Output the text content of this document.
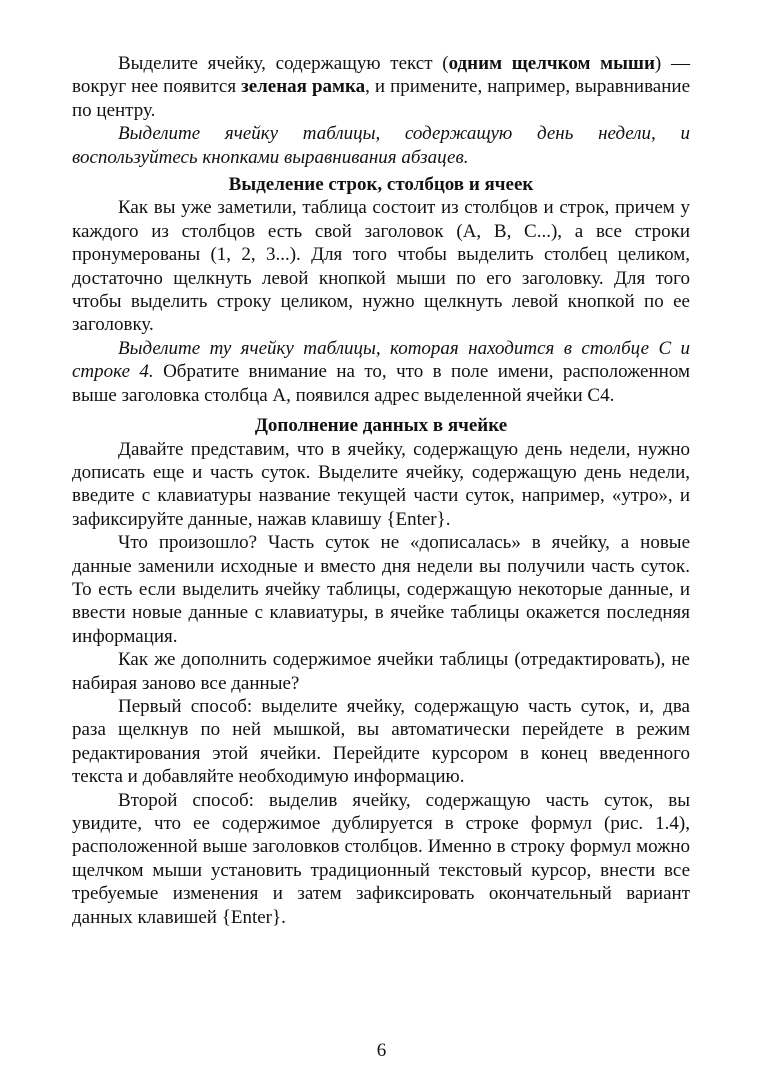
Выделите ячейку, содержащую текст (одним щелчком мыши) — вокруг нее появится зеленая рамка, и примените, например, выравнивание по центру.

Выделите ячейку таблицы, содержащую день недели, и воспользуйтесь кнопками выравнивания абзацев.

Выделение строк, столбцов и ячеек

Как вы уже заметили, таблица состоит из столбцов и строк, причем у каждого из столбцов есть свой заголовок (A, B, C...), а все строки пронумерованы (1, 2, 3...). Для того чтобы выделить столбец целиком, достаточно щелкнуть левой кнопкой мыши по его заголовку. Для того чтобы выделить строку целиком, нужно щелкнуть левой кнопкой по ее заголовку.

Выделите ту ячейку таблицы, которая находится в столбце С и строке 4. Обратите внимание на то, что в поле имени, расположенном выше заголовка столбца А, появился адрес выделенной ячейки С4.

Дополнение данных в ячейке

Давайте представим, что в ячейку, содержащую день недели, нужно дописать еще и часть суток. Выделите ячейку, содержащую день недели, введите с клавиатуры название текущей части суток, например, «утро», и зафиксируйте данные, нажав клавишу {Enter}.

Что произошло? Часть суток не «дописалась» в ячейку, а новые данные заменили исходные и вместо дня недели вы получили часть суток. То есть если выделить ячейку таблицы, содержащую некоторые данные, и ввести новые данные с клавиатуры, в ячейке таблицы окажется последняя информация.

Как же дополнить содержимое ячейки таблицы (отредактировать), не набирая заново все данные?

Первый способ: выделите ячейку, содержащую часть суток, и, два раза щелкнув по ней мышкой, вы автоматически перейдете в режим редактирования этой ячейки. Перейдите курсором в конец введенного текста и добавляйте необходимую информацию.

Второй способ: выделив ячейку, содержащую часть суток, вы увидите, что ее содержимое дублируется в строке формул (рис. 1.4), расположенной выше заголовков столбцов. Именно в строку формул можно щелчком мыши установить традиционный текстовый курсор, внести все требуемые изменения и затем зафиксировать окончательный вариант данных клавишей {Enter}.

6
